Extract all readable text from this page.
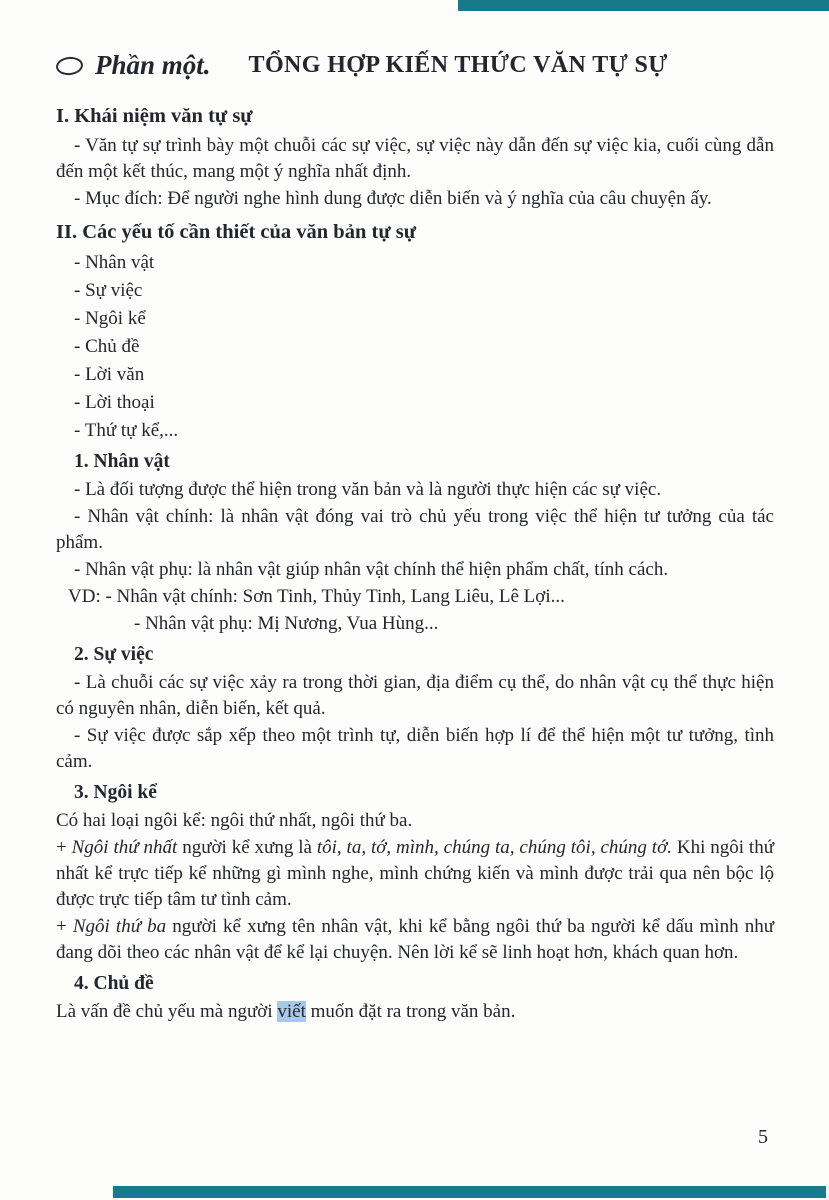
Phần một. TỔNG HỢP KIẾN THỨC VĂN TỰ SỰ
I. Khái niệm văn tự sự

- Văn tự sự trình bày một chuỗi các sự việc, sự việc này dẫn đến sự việc kia, cuối cùng dẫn đến một kết thúc, mang một ý nghĩa nhất định.

- Mục đích: Để người nghe hình dung được diễn biến và ý nghĩa của câu chuyện ấy.

II. Các yếu tố cần thiết của văn bản tự sự

- Nhân vật

- Sự việc

- Ngôi kể

- Chủ đề

- Lời văn

- Lời thoại

- Thứ tự kể,...

1. Nhân vật

- Là đối tượng được thể hiện trong văn bản và là người thực hiện các sự việc.

- Nhân vật chính: là nhân vật đóng vai trò chủ yếu trong việc thể hiện tư tưởng của tác phẩm.

- Nhân vật phụ: là nhân vật giúp nhân vật chính thể hiện phẩm chất, tính cách.

VD: - Nhân vật chính: Sơn Tinh, Thủy Tinh, Lang Liêu, Lê Lợi...

- Nhân vật phụ: Mị Nương, Vua Hùng...

2. Sự việc

- Là chuỗi các sự việc xảy ra trong thời gian, địa điểm cụ thể, do nhân vật cụ thể thực hiện có nguyên nhân, diễn biến, kết quả.

- Sự việc được sắp xếp theo một trình tự, diễn biến hợp lí để thể hiện một tư tưởng, tình cảm.

3. Ngôi kể

Có hai loại ngôi kể: ngôi thứ nhất, ngôi thứ ba.

+ Ngôi thứ nhất người kể xưng là tôi, ta, tớ, mình, chúng ta, chúng tôi, chúng tớ. Khi ngôi thứ nhất kể trực tiếp kể những gì mình nghe, mình chứng kiến và mình được trải qua nên bộc lộ được trực tiếp tâm tư tình cảm.

+ Ngôi thứ ba người kể xưng tên nhân vật, khi kể bằng ngôi thứ ba người kể dấu mình như đang dõi theo các nhân vật để kể lại chuyện. Nên lời kể sẽ linh hoạt hơn, khách quan hơn.

4. Chủ đề

Là vấn đề chủ yếu mà người viết muốn đặt ra trong văn bản.

5
